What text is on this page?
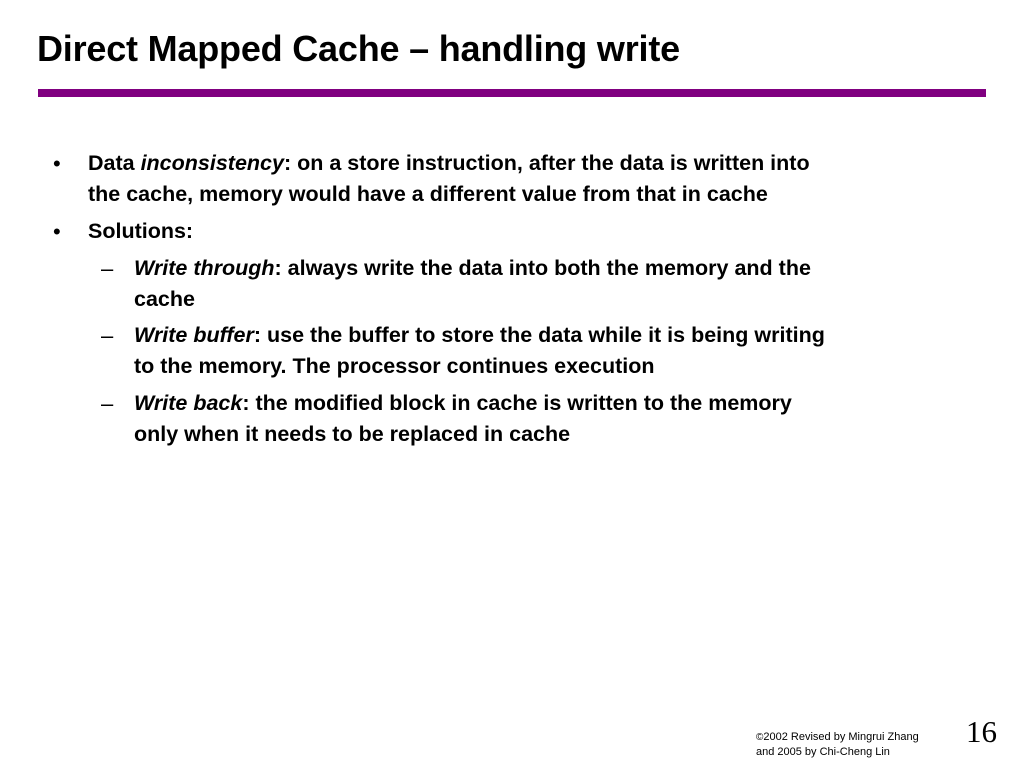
Direct Mapped Cache – handling write
• Data inconsistency: on a store instruction, after the data is written into
the cache, memory would have a different value from that in cache
• Solutions:
– Write through: always write the data into both the memory and the
cache
– Write buffer: use the buffer to store the data while it is being writing
to the memory. The processor continues execution
– Write back: the modified block in cache is written to the memory
only when it needs to be replaced in cache
©2002 Revised by Mingrui Zhang
and 2005 by Chi-Cheng Lin
16
